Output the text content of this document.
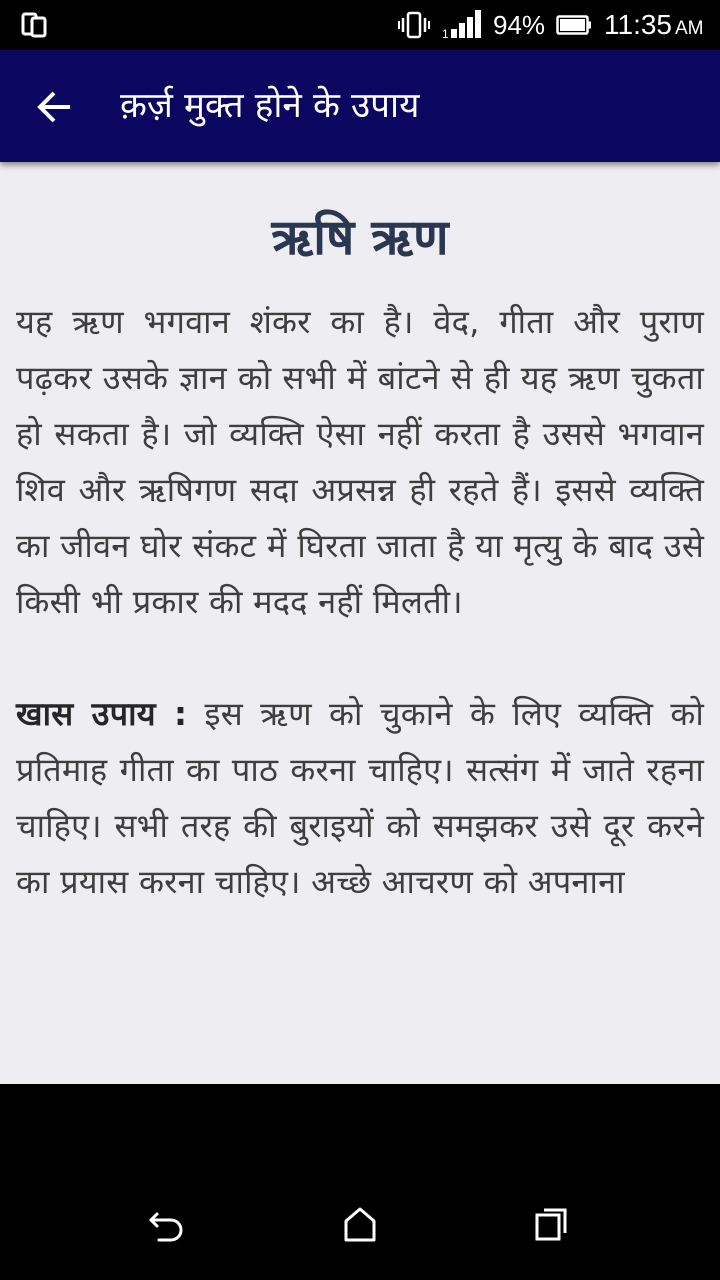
1 94% 11:35 AM
क़र्ज़ मुक्त होने के उपाय
ऋषि ऋण

यह ऋण भगवान शंकर का है। वेद, गीता और पुराण पढ़कर उसके ज्ञान को सभी में बांटने से ही यह ऋण चुकता हो सकता है। जो व्यक्ति ऐसा नहीं करता है उससे भगवान शिव और ऋषिगण सदा अप्रसन्न ही रहते हैं। इससे व्यक्ति का जीवन घोर संकट में घिरता जाता है या मृत्यु के बाद उसे किसी भी प्रकार की मदद नहीं मिलती।

खास उपाय : इस ऋण को चुकाने के लिए व्यक्ति को प्रतिमाह गीता का पाठ करना चाहिए। सत्संग में जाते रहना चाहिए। सभी तरह की बुराइयों को समझकर उसे दूर करने का प्रयास करना चाहिए। अच्छे आचरण को अपनाना
